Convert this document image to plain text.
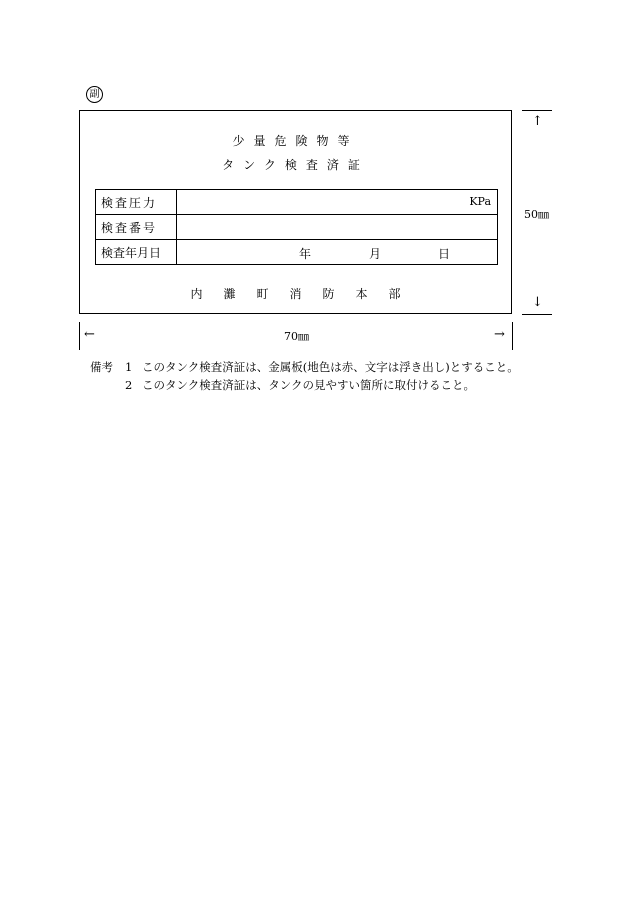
副
少量危険物等
タンク検査済証
検査圧力	KPa

検査番号	
検査年月日	年 月 日
内灘町消防本部
↑
50㎜
↓
←	70㎜	→
備考 1 このタンク検査済証は、金属板(地色は赤、文字は浮き出し)とすること。
2 このタンク検査済証は、タンクの見やすい箇所に取付けること。
